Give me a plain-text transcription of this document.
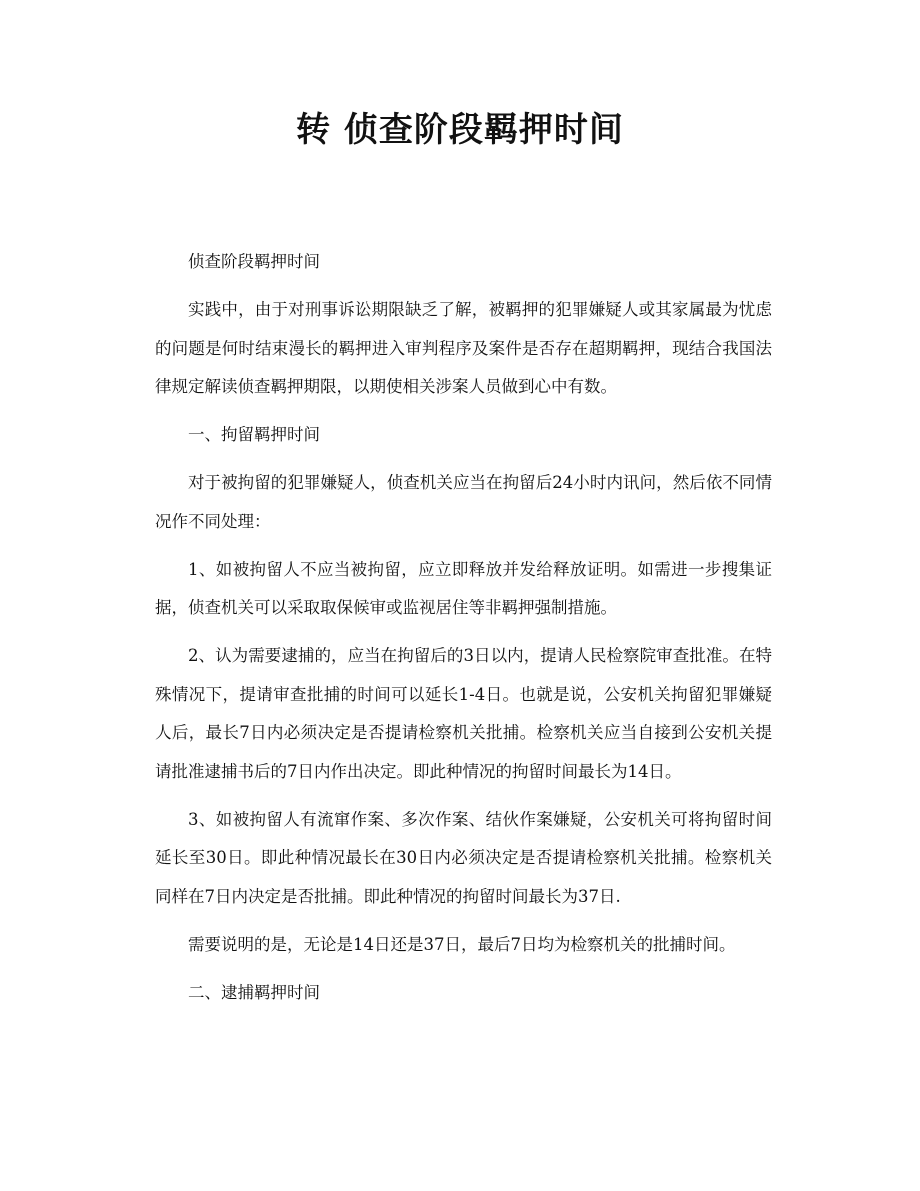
转 侦查阶段羁押时间

侦查阶段羁押时间

实践中，由于对刑事诉讼期限缺乏了解，被羁押的犯罪嫌疑人或其家属最为忧虑的问题是何时结束漫长的羁押进入审判程序及案件是否存在超期羁押，现结合我国法律规定解读侦查羁押期限，以期使相关涉案人员做到心中有数。

一、拘留羁押时间

对于被拘留的犯罪嫌疑人，侦查机关应当在拘留后24小时内讯问，然后依不同情况作不同处理：

1、如被拘留人不应当被拘留，应立即释放并发给释放证明。如需进一步搜集证据，侦查机关可以采取取保候审或监视居住等非羁押强制措施。

2、认为需要逮捕的，应当在拘留后的3日以内，提请人民检察院审查批准。在特殊情况下，提请审查批捕的时间可以延长1-4日。也就是说，公安机关拘留犯罪嫌疑人后，最长7日内必须决定是否提请检察机关批捕。检察机关应当自接到公安机关提请批准逮捕书后的7日内作出决定。即此种情况的拘留时间最长为14日。

3、如被拘留人有流窜作案、多次作案、结伙作案嫌疑，公安机关可将拘留时间延长至30日。即此种情况最长在30日内必须决定是否提请检察机关批捕。检察机关同样在7日内决定是否批捕。即此种情况的拘留时间最长为37日.

需要说明的是，无论是14日还是37日，最后7日均为检察机关的批捕时间。

二、逮捕羁押时间
